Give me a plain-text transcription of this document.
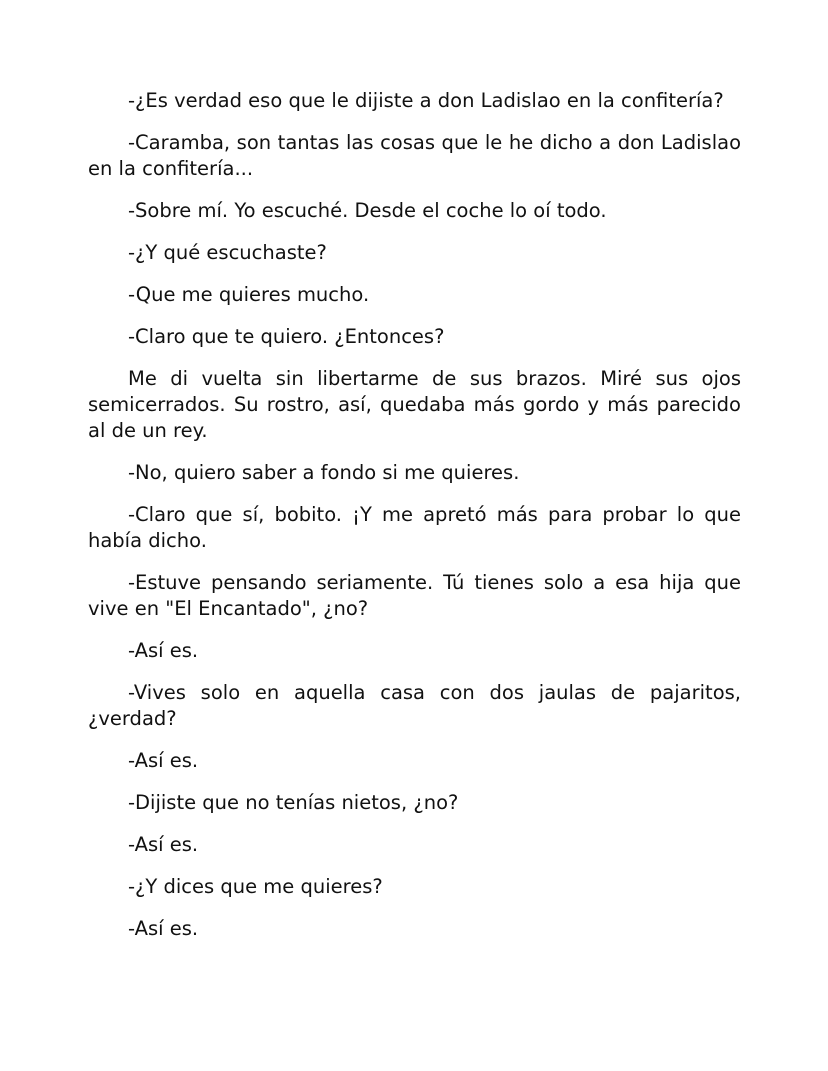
-¿Es verdad eso que le dijiste a don Ladislao en la confitería?

-Caramba, son tantas las cosas que le he dicho a don Ladislao en la confitería...

-Sobre mí. Yo escuché. Desde el coche lo oí todo.

-¿Y qué escuchaste?

-Que me quieres mucho.

-Claro que te quiero. ¿Entonces?

Me di vuelta sin libertarme de sus brazos. Miré sus ojos semicerrados. Su rostro, así, quedaba más gordo y más parecido al de un rey.

-No, quiero saber a fondo si me quieres.

-Claro que sí, bobito. ¡Y me apretó más para probar lo que había dicho.

-Estuve pensando seriamente. Tú tienes solo a esa hija que vive en "El Encantado", ¿no?

-Así es.

-Vives solo en aquella casa con dos jaulas de pajaritos, ¿verdad?

-Así es.

-Dijiste que no tenías nietos, ¿no?

-Así es.

-¿Y dices que me quieres?

-Así es.
